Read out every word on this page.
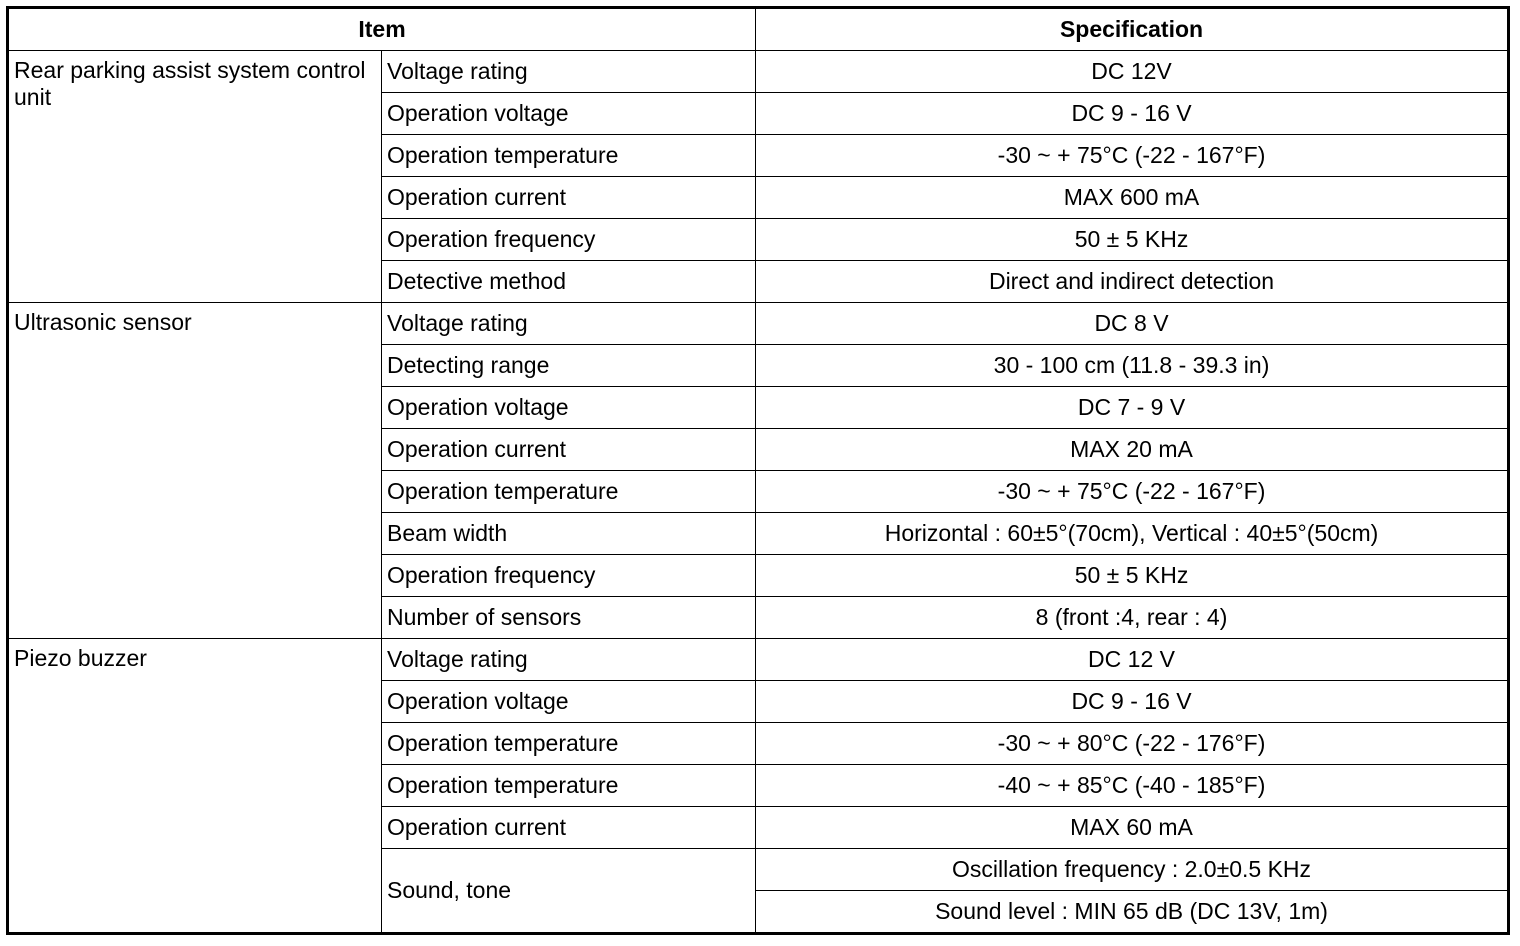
Item		Specification
Rear parking assist system control unit	Voltage rating	DC 12V
	Operation voltage	DC 9 - 16 V
	Operation temperature	-30 ~ + 75°C (-22 - 167°F)
	Operation current	MAX 600 mA
	Operation frequency	50 ± 5 KHz
	Detective method	Direct and indirect detection
Ultrasonic sensor	Voltage rating	DC 8 V
	Detecting range	30 - 100 cm (11.8 - 39.3 in)
	Operation voltage	DC 7 - 9 V
	Operation current	MAX 20 mA
	Operation temperature	-30 ~ + 75°C (-22 - 167°F)
	Beam width	Horizontal : 60±5°(70cm), Vertical : 40±5°(50cm)
	Operation frequency	50 ± 5 KHz
	Number of sensors	8 (front :4, rear : 4)
Piezo buzzer	Voltage rating	DC 12 V
	Operation voltage	DC 9 - 16 V
	Operation temperature	-30 ~ + 80°C (-22 - 176°F)
	Operation temperature	-40 ~ + 85°C (-40 - 185°F)
	Operation current	MAX 60 mA
	Sound, tone	Oscillation frequency : 2.0±0.5 KHz
		Sound level : MIN 65 dB (DC 13V, 1m)
